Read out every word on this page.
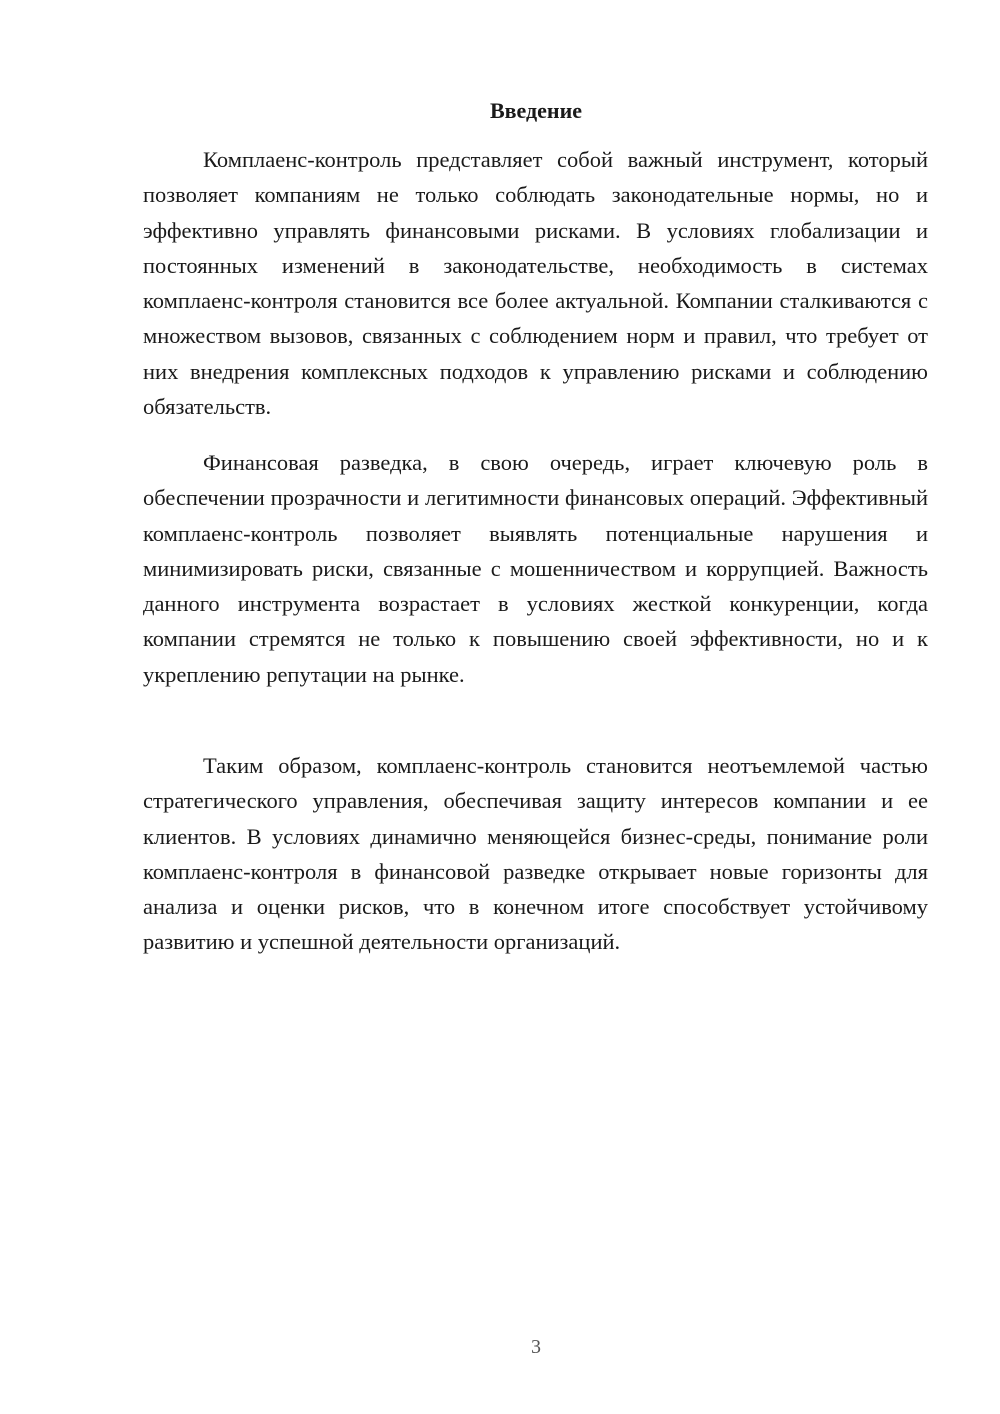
Введение

Комплаенс-контроль представляет собой важный инструмент, который позволяет компаниям не только соблюдать законодательные нормы, но и эффективно управлять финансовыми рисками. В условиях глобализации и постоянных изменений в законодательстве, необходимость в системах комплаенс-контроля становится все более актуальной. Компании сталкиваются с множеством вызовов, связанных с соблюдением норм и правил, что требует от них внедрения комплексных подходов к управлению рисками и соблюдению обязательств.

Финансовая разведка, в свою очередь, играет ключевую роль в обеспечении прозрачности и легитимности финансовых операций. Эффективный комплаенс-контроль позволяет выявлять потенциальные нарушения и минимизировать риски, связанные с мошенничеством и коррупцией. Важность данного инструмента возрастает в условиях жесткой конкуренции, когда компании стремятся не только к повышению своей эффективности, но и к укреплению репутации на рынке.

Таким образом, комплаенс-контроль становится неотъемлемой частью стратегического управления, обеспечивая защиту интересов компании и ее клиентов. В условиях динамично меняющейся бизнес-среды, понимание роли комплаенс-контроля в финансовой разведке открывает новые горизонты для анализа и оценки рисков, что в конечном итоге способствует устойчивому развитию и успешной деятельности организаций.

3
